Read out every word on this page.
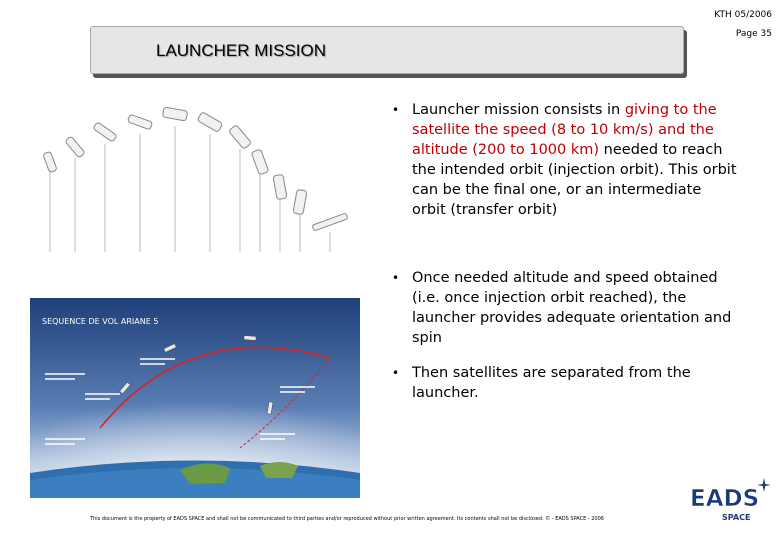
KTH 05/2006
Page 35
LAUNCHER MISSION
SEQUENCE DE VOL ARIANE 5
• Launcher mission consists in giving to the satellite the speed (8 to 10 km/s) and the altitude (200 to 1000 km) needed to reach the intended orbit (injection orbit). This orbit can be the final one, or an intermediate orbit (transfer orbit)
• Once needed altitude and speed obtained (i.e. once injection orbit reached), the launcher provides adequate orientation and spin
• Then satellites are separated from the launcher.
This document is the property of EADS SPACE and shall not be communicated to third parties and/or reproduced without prior written agreement. Its contents shall not be disclosed. © - EADS SPACE - 2006
EADS
SPACE
